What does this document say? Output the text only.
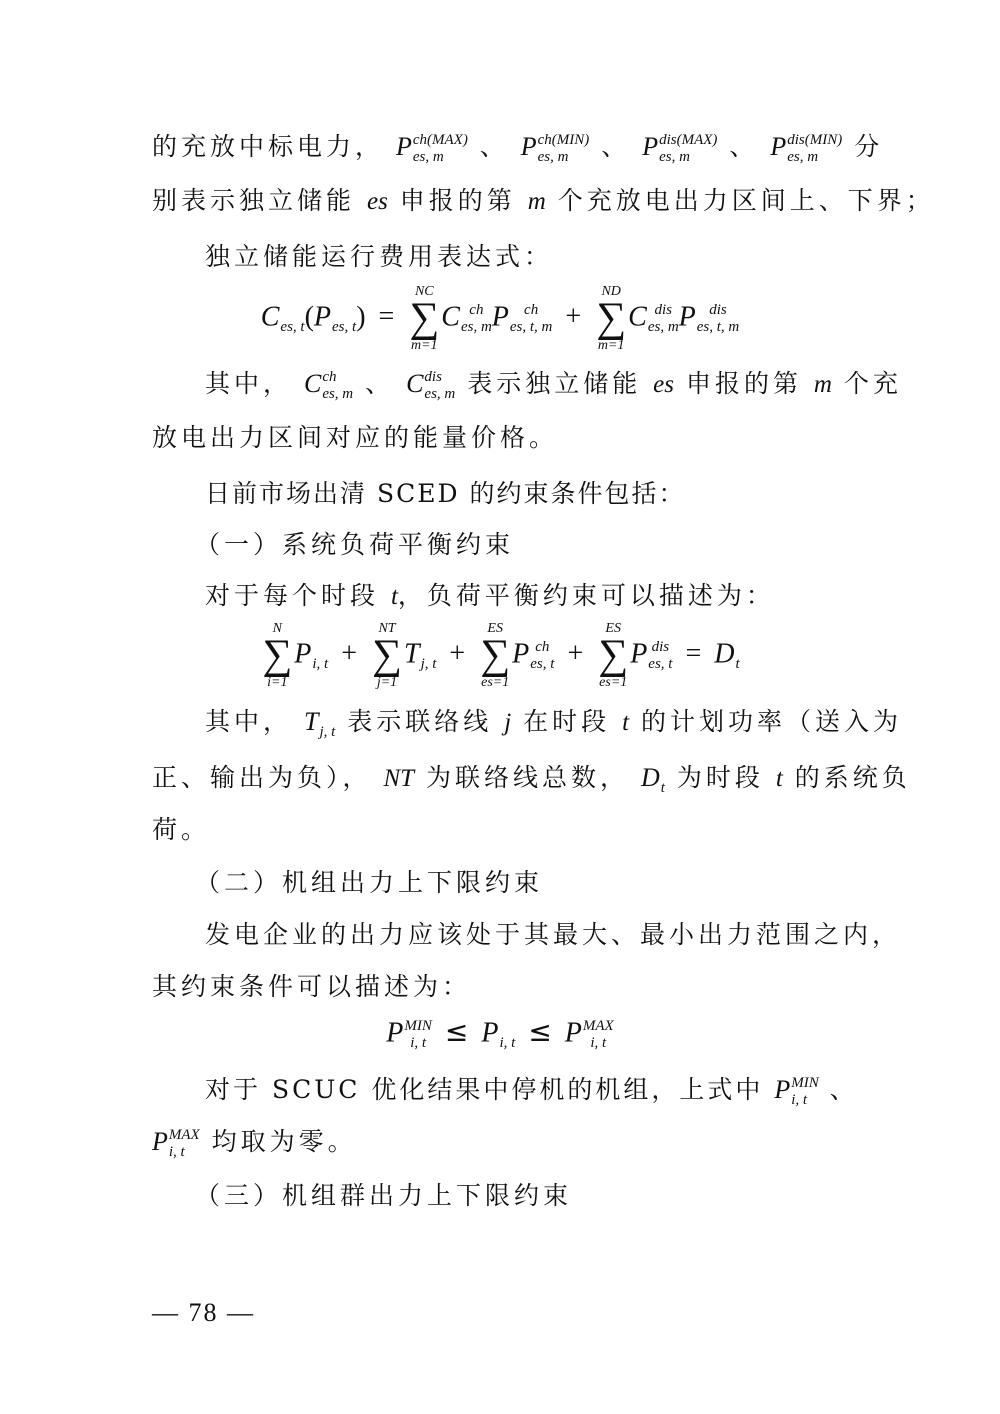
的充放中标电力， P ch(MAX)
es, m	、 P ch(MIN)
es, m	、 P dis(MAX)
es, m	、 P dis(MIN)
es, m	分
别表示独立储能 es 申报的第 m 个充放电出力区间上、下界；
独立储能运行费用表达式：
C
es, t (P
es, t ) =
NC
∑
m=1
C ch
es, m P	ch
es, t, m +
ND
∑
m=1
C dis
es, m P dis
es, t, m
其中， C ch
es, m 、 C dis
es, m 表示独立储能 es 申报的第 m 个充
放电出力区间对应的能量价格。
日前市场出清 SCED 的约束条件包括：
（一）系统负荷平衡约束
对于每个时段 t，负荷平衡约束可以描述为：
N
∑
i=1
P
i, t +
NT
∑
j=1
T
j, t +
ES
∑
es=1
P ch
es, t +
ES
∑
es=1
P dis
es, t = D
t
其中， T
j, t 表示联络线 j 在时段 t 的计划功率（送入为
正、输出为负）， NT 为联络线总数， D
t 为时段 t 的系统负
荷。
（二）机组出力上下限约束
发电企业的出力应该处于其最大、最小出力范围之内，
其约束条件可以描述为：
P MIN
i, t ≤ P
i, t ≤ P MAX
i, t
对于 SCUC 优化结果中停机的机组，上式中 P MIN
i, t 、
P MAX
i, t	均取为零。
（三）机组群出力上下限约束
— 78 —
